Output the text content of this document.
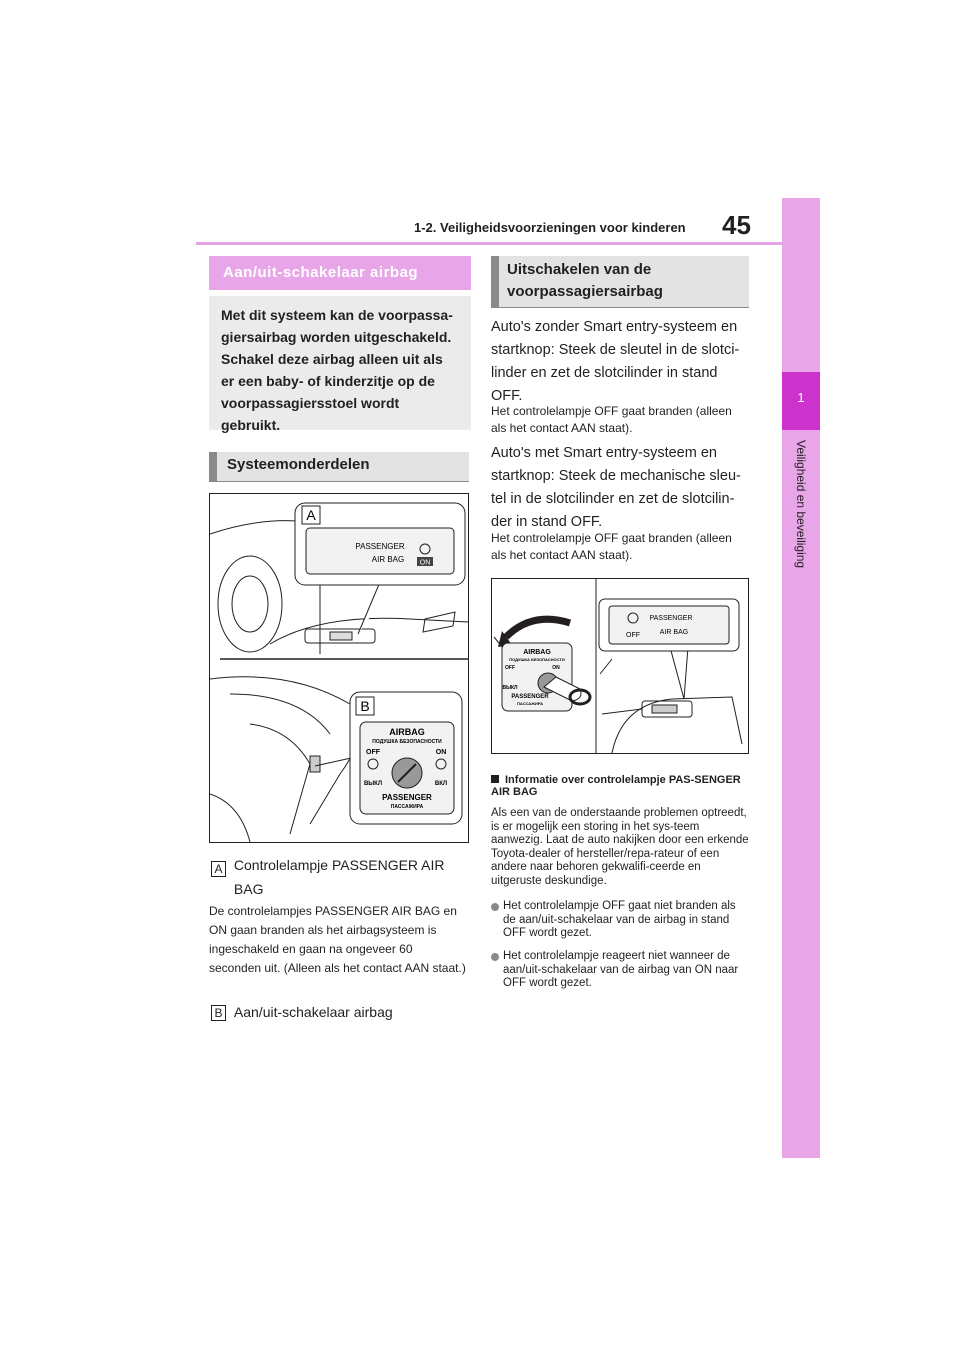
1-2. Veiligheidsvoorzieningen voor kinderen 45
1
Veiligheid en beveiliging
Aan/uit-schakelaar airbag
Met dit systeem kan de voorpassa-giersairbag worden uitgeschakeld. Schakel deze airbag alleen uit als er een baby- of kinderzitje op de voorpassagiersstoel wordt gebruikt.
Systeemonderdelen
A
PASSENGER
AIR BAG ON
B
AIRBAG
ПОДУШКА БЕЗОПАСНОСТИ
OFF	ON
ВЫКЛ	ВКЛ
PASSENGER
ПАССАЖИРА
A Controlelampje PASSENGER AIR BAG
De controlelampjes PASSENGER AIR BAG en ON gaan branden als het airbagsysteem is ingeschakeld en gaan na ongeveer 60 seconden uit. (Alleen als het contact AAN staat.)
B Aan/uit-schakelaar airbag
Uitschakelen van de voorpassagiersairbag
Auto's zonder Smart entry-systeem en startknop: Steek de sleutel in de slotci-linder en zet de slotcilinder in stand OFF.
Het controlelampje OFF gaat branden (alleen als het contact AAN staat).
Auto's met Smart entry-systeem en startknop: Steek de mechanische sleu-tel in de slotcilinder en zet de slotcilin-der in stand OFF.
Het controlelampje OFF gaat branden (alleen als het contact AAN staat).
OFF
PASSENGER
AIR BAG
AIRBAG
ПОДУШКА БЕЗОПАСНОСТИ
OFF	ON
ВЫКЛ
PASSENGER
ПАССАЖИРА
Informatie over controlelampje PAS-SENGER AIR BAG
Als een van de onderstaande problemen optreedt, is er mogelijk een storing in het sys-teem aanwezig. Laat de auto nakijken door een erkende Toyota-dealer of hersteller/repa-rateur of een andere naar behoren gekwalifi-ceerde en uitgeruste deskundige.
Het controlelampje OFF gaat niet branden als de aan/uit-schakelaar van de airbag in stand OFF wordt gezet.
Het controlelampje reageert niet wanneer de aan/uit-schakelaar van de airbag van ON naar OFF wordt gezet.
